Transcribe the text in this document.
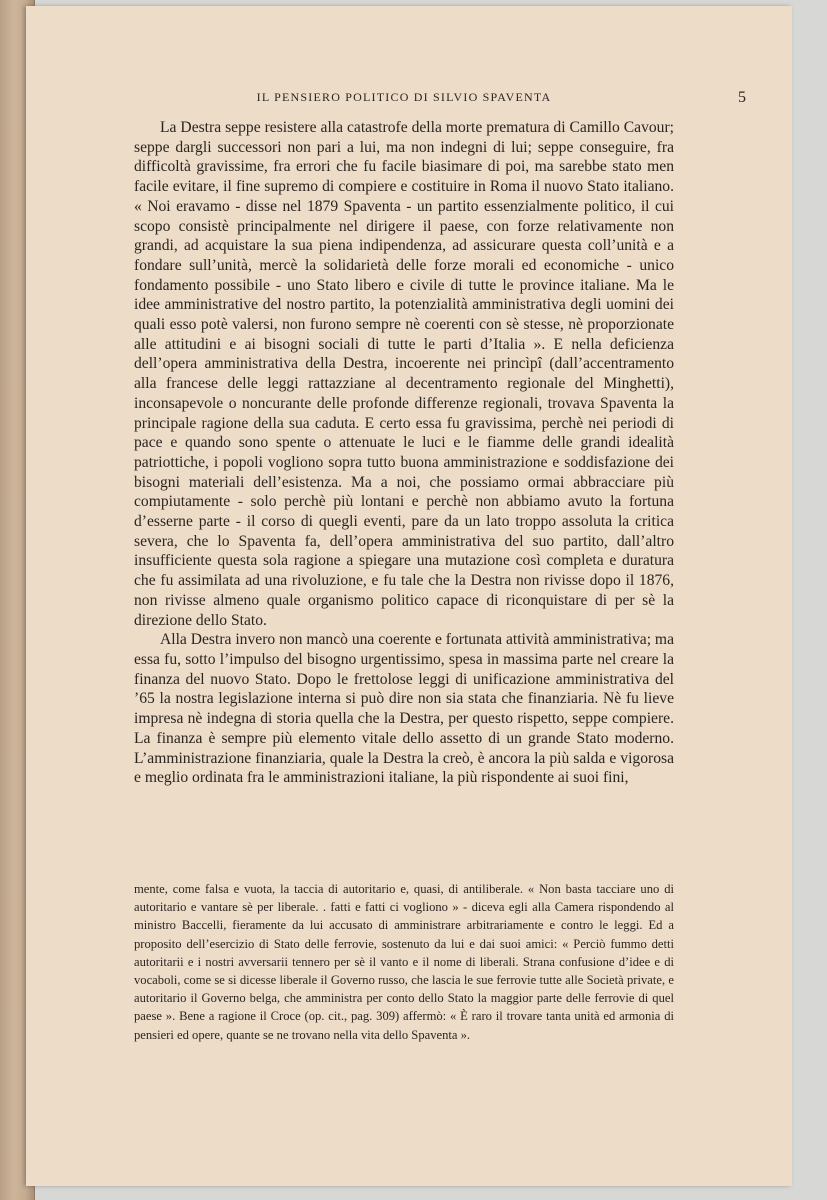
IL PENSIERO POLITICO DI SILVIO SPAVENTA	5

La Destra seppe resistere alla catastrofe della morte prematura di Camillo Cavour; seppe dargli successori non pari a lui, ma non indegni di lui; seppe conseguire, fra difficoltà gravissime, fra errori che fu facile biasimare di poi, ma sarebbe stato men facile evitare, il fine supremo di compiere e costituire in Roma il nuovo Stato italiano. « Noi eravamo - disse nel 1879 Spaventa - un partito essenzialmente politico, il cui scopo consistè principalmente nel dirigere il paese, con forze relativamente non grandi, ad acquistare la sua piena indipendenza, ad assicurare questa coll’unità e a fondare sull’unità, mercè la solidarietà delle forze morali ed economiche - unico fondamento possibile - uno Stato libero e civile di tutte le province italiane. Ma le idee amministrative del nostro partito, la potenzialità amministrativa degli uomini dei quali esso potè valersi, non furono sempre nè coerenti con sè stesse, nè proporzionate alle attitudini e ai bisogni sociali di tutte le parti d’Italia ». E nella deficienza dell’opera amministrativa della Destra, incoerente nei princìpî (dall’accentramento alla francese delle leggi rattazziane al decentramento regionale del Minghetti), inconsapevole o noncurante delle profonde differenze regionali, trovava Spaventa la principale ragione della sua caduta. E certo essa fu gravissima, perchè nei periodi di pace e quando sono spente o attenuate le luci e le fiamme delle grandi idealità patriottiche, i popoli vogliono sopra tutto buona amministrazione e soddisfazione dei bisogni materiali dell’esistenza. Ma a noi, che possiamo ormai abbracciare più compiutamente - solo perchè più lontani e perchè non abbiamo avuto la fortuna d’esserne parte - il corso di quegli eventi, pare da un lato troppo assoluta la critica severa, che lo Spaventa fa, dell’opera amministrativa del suo partito, dall’altro insufficiente questa sola ragione a spiegare una mutazione così completa e duratura che fu assimilata ad una rivoluzione, e fu tale che la Destra non rivisse dopo il 1876, non rivisse almeno quale organismo politico capace di riconquistare di per sè la direzione dello Stato.

Alla Destra invero non mancò una coerente e fortunata attività amministrativa; ma essa fu, sotto l’impulso del bisogno urgentissimo, spesa in massima parte nel creare la finanza del nuovo Stato. Dopo le frettolose leggi di unificazione amministrativa del ’65 la nostra legislazione interna si può dire non sia stata che finanziaria. Nè fu lieve impresa nè indegna di storia quella che la Destra, per questo rispetto, seppe compiere. La finanza è sempre più elemento vitale dello assetto di un grande Stato moderno. L’amministrazione finanziaria, quale la Destra la creò, è ancora la più salda e vigorosa e meglio ordinata fra le amministrazioni italiane, la più rispondente ai suoi fini,

mente, come falsa e vuota, la taccia di autoritario e, quasi, di antiliberale. « Non basta tacciare uno di autoritario e vantare sè per liberale. . fatti e fatti ci vogliono » - diceva egli alla Camera rispondendo al ministro Baccelli, fieramente da lui accusato di amministrare arbitrariamente e contro le leggi. Ed a proposito dell’esercizio di Stato delle ferrovie, sostenuto da lui e dai suoi amici: « Perciò fummo detti autoritarii e i nostri avversarii tennero per sè il vanto e il nome di liberali. Strana confusione d’idee e di vocaboli, come se si dicesse liberale il Governo russo, che lascia le sue ferrovie tutte alle Società private, e autoritario il Governo belga, che amministra per conto dello Stato la maggior parte delle ferrovie di quel paese ». Bene a ragione il Croce (op. cit., pag. 309) affermò: « È raro il trovare tanta unità ed armonia di pensieri ed opere, quante se ne trovano nella vita dello Spaventa ».
